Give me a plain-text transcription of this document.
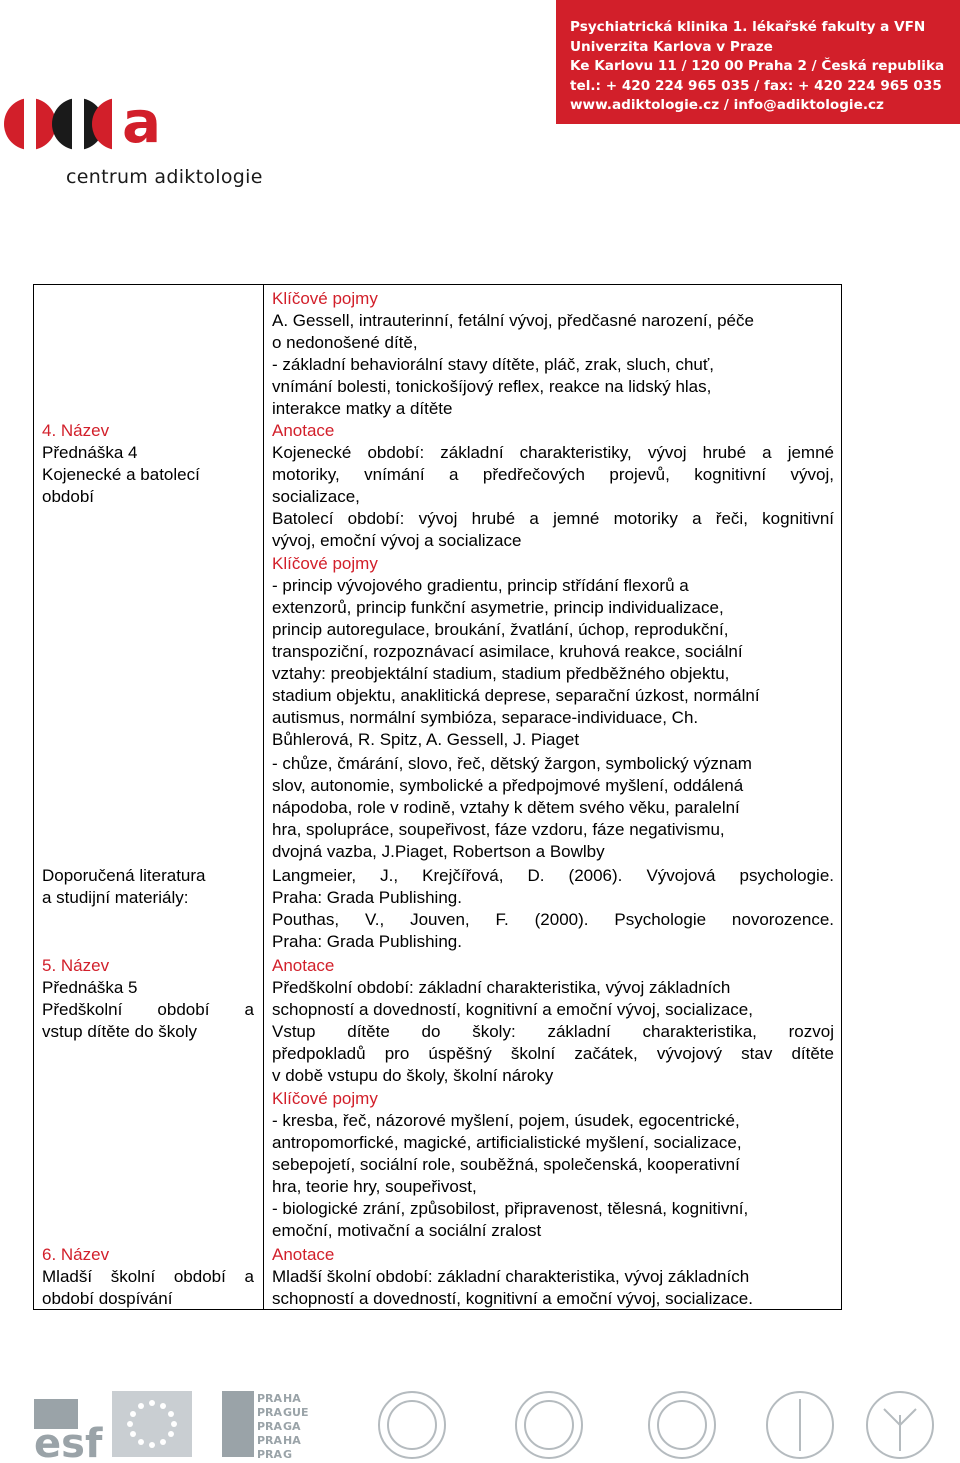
Psychiatrická klinika 1. lékařské fakulty a VFN
Univerzita Karlova v Praze
Ke Karlovu 11 / 120 00 Praha 2 / Česká republika
tel.: + 420 224 965 035 / fax: + 420 224 965 035
www.adiktologie.cz / info@adiktologie.cz
a
centrum adiktologie
4. Název
Přednáška 4
Kojenecké a batolecí
období
Doporučená literatura
a studijní materiály:
5. Název
Přednáška 5
Předškolní období a
vstup dítěte do školy
6. Název
Mladší školní období a
období dospívání
Klíčové pojmy
A. Gessell, intrauterinní, fetální vývoj, předčasné narození, péče
o nedonošené dítě,
- základní behaviorální stavy dítěte, pláč, zrak, sluch, chuť,
vnímání bolesti, tonickošíjový reflex, reakce na lidský hlas,
interakce matky a dítěte
Anotace
Kojenecké období: základní charakteristiky, vývoj hrubé a jemné
motoriky, vnímání a předřečových projevů, kognitivní vývoj,
socializace,
Batolecí období: vývoj hrubé a jemné motoriky a řeči, kognitivní
vývoj, emoční vývoj a socializace
Klíčové pojmy
- princip vývojového gradientu, princip střídání flexorů a
extenzorů, princip funkční asymetrie, princip individualizace,
princip autoregulace, broukání, žvatlání, úchop, reprodukční,
transpoziční, rozpoznávací asimilace, kruhová reakce, sociální
vztahy: preobjektální stadium, stadium předběžného objektu,
stadium objektu, anaklitická deprese, separační úzkost, normální
autismus, normální symbióza, separace-individuace, Ch.
Bůhlerová, R. Spitz, A. Gessell, J. Piaget
- chůze, čmárání, slovo, řeč, dětský žargon, symbolický význam
slov, autonomie, symbolické a předpojmové myšlení, oddálená
nápodoba, role v rodině, vztahy k dětem svého věku, paralelní
hra, spolupráce, soupeřivost, fáze vzdoru, fáze negativismu,
dvojná vazba, J.Piaget, Robertson a Bowlby
Langmeier, J., Krejčířová, D. (2006). Vývojová psychologie.
Praha: Grada Publishing.
Pouthas, V., Jouven, F. (2000). Psychologie novorozence.
Praha: Grada Publishing.
Anotace
Předškolní období: základní charakteristika, vývoj základních
schopností a dovedností, kognitivní a emoční vývoj, socializace,
Vstup dítěte do školy: základní charakteristika, rozvoj
předpokladů pro úspěšný školní začátek, vývojový stav dítěte
v době vstupu do školy, školní nároky
Klíčové pojmy
- kresba, řeč, názorové myšlení, pojem, úsudek, egocentrické,
antropomorfické, magické, artificialistické myšlení, socializace,
sebepojetí, sociální role, souběžná, společenská, kooperativní
hra, teorie hry, soupeřivost,
- biologické zrání, způsobilost, připravenost, tělesná, kognitivní,
emoční, motivační a sociální zralost
Anotace
Mladší školní období: základní charakteristika, vývoj základních
schopností a dovedností, kognitivní a emoční vývoj, socializace.
esf
PRA HA
PRA GUE
PRA GA
PRA HA
PRA G
